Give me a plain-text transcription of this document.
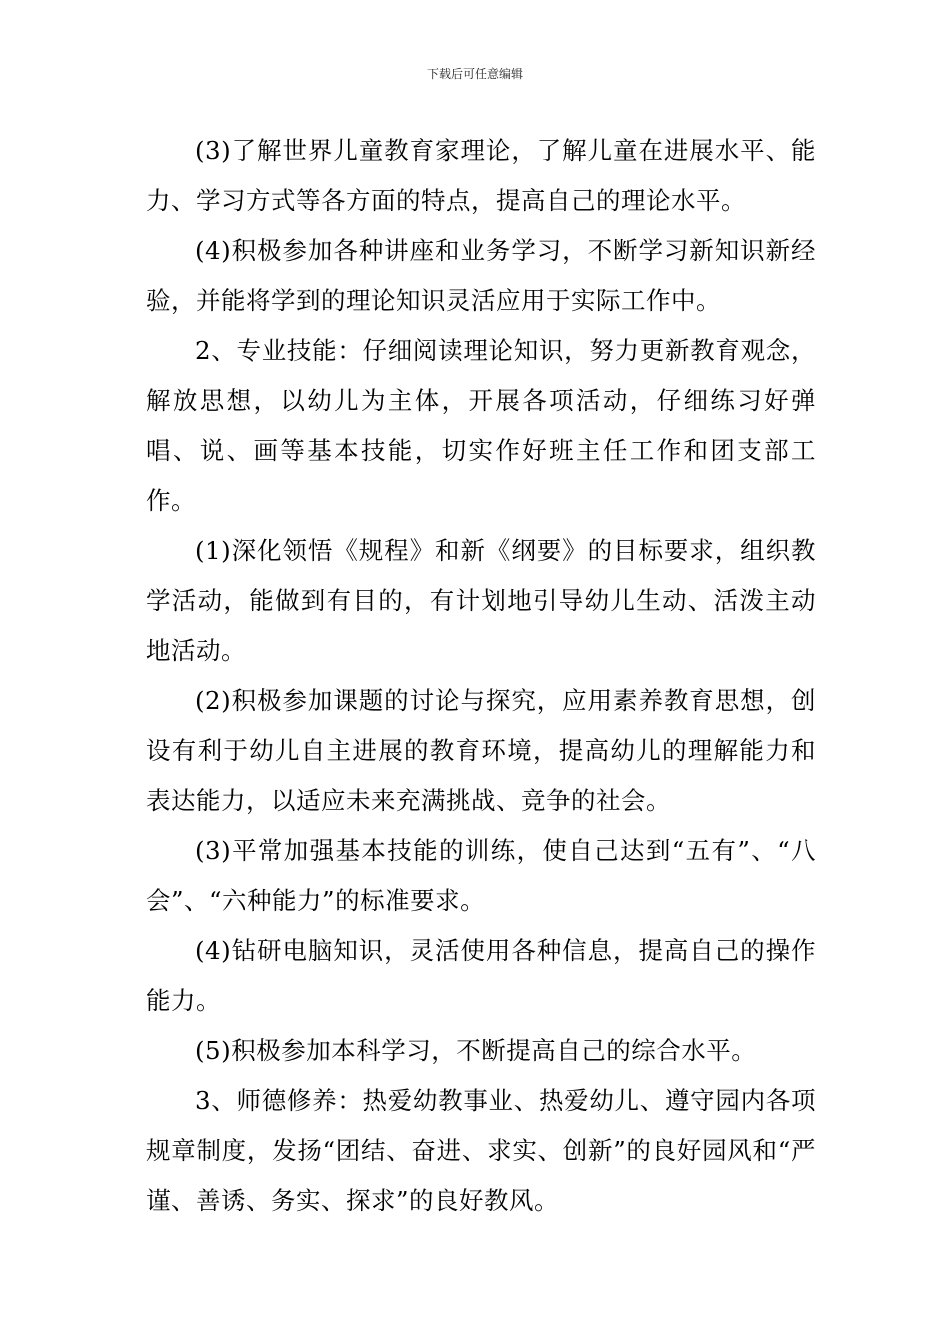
下载后可任意编辑

(3)了解世界儿童教育家理论，了解儿童在进展水平、能力、学习方式等各方面的特点，提高自己的理论水平。

(4)积极参加各种讲座和业务学习，不断学习新知识新经验，并能将学到的理论知识灵活应用于实际工作中。

2、专业技能：仔细阅读理论知识，努力更新教育观念，解放思想，以幼儿为主体，开展各项活动，仔细练习好弹唱、说、画等基本技能，切实作好班主任工作和团支部工作。

(1)深化领悟《规程》和新《纲要》的目标要求，组织教学活动，能做到有目的，有计划地引导幼儿生动、活泼主动地活动。

(2)积极参加课题的讨论与探究，应用素养教育思想，创设有利于幼儿自主进展的教育环境，提高幼儿的理解能力和表达能力，以适应未来充满挑战、竞争的社会。

(3)平常加强基本技能的训练，使自己达到“五有”、“八会”、“六种能力”的标准要求。

(4)钻研电脑知识，灵活使用各种信息，提高自己的操作能力。

(5)积极参加本科学习，不断提高自己的综合水平。

3、师德修养：热爱幼教事业、热爱幼儿、遵守园内各项规章制度，发扬“团结、奋进、求实、创新”的良好园风和“严谨、善诱、务实、探求”的良好教风。
